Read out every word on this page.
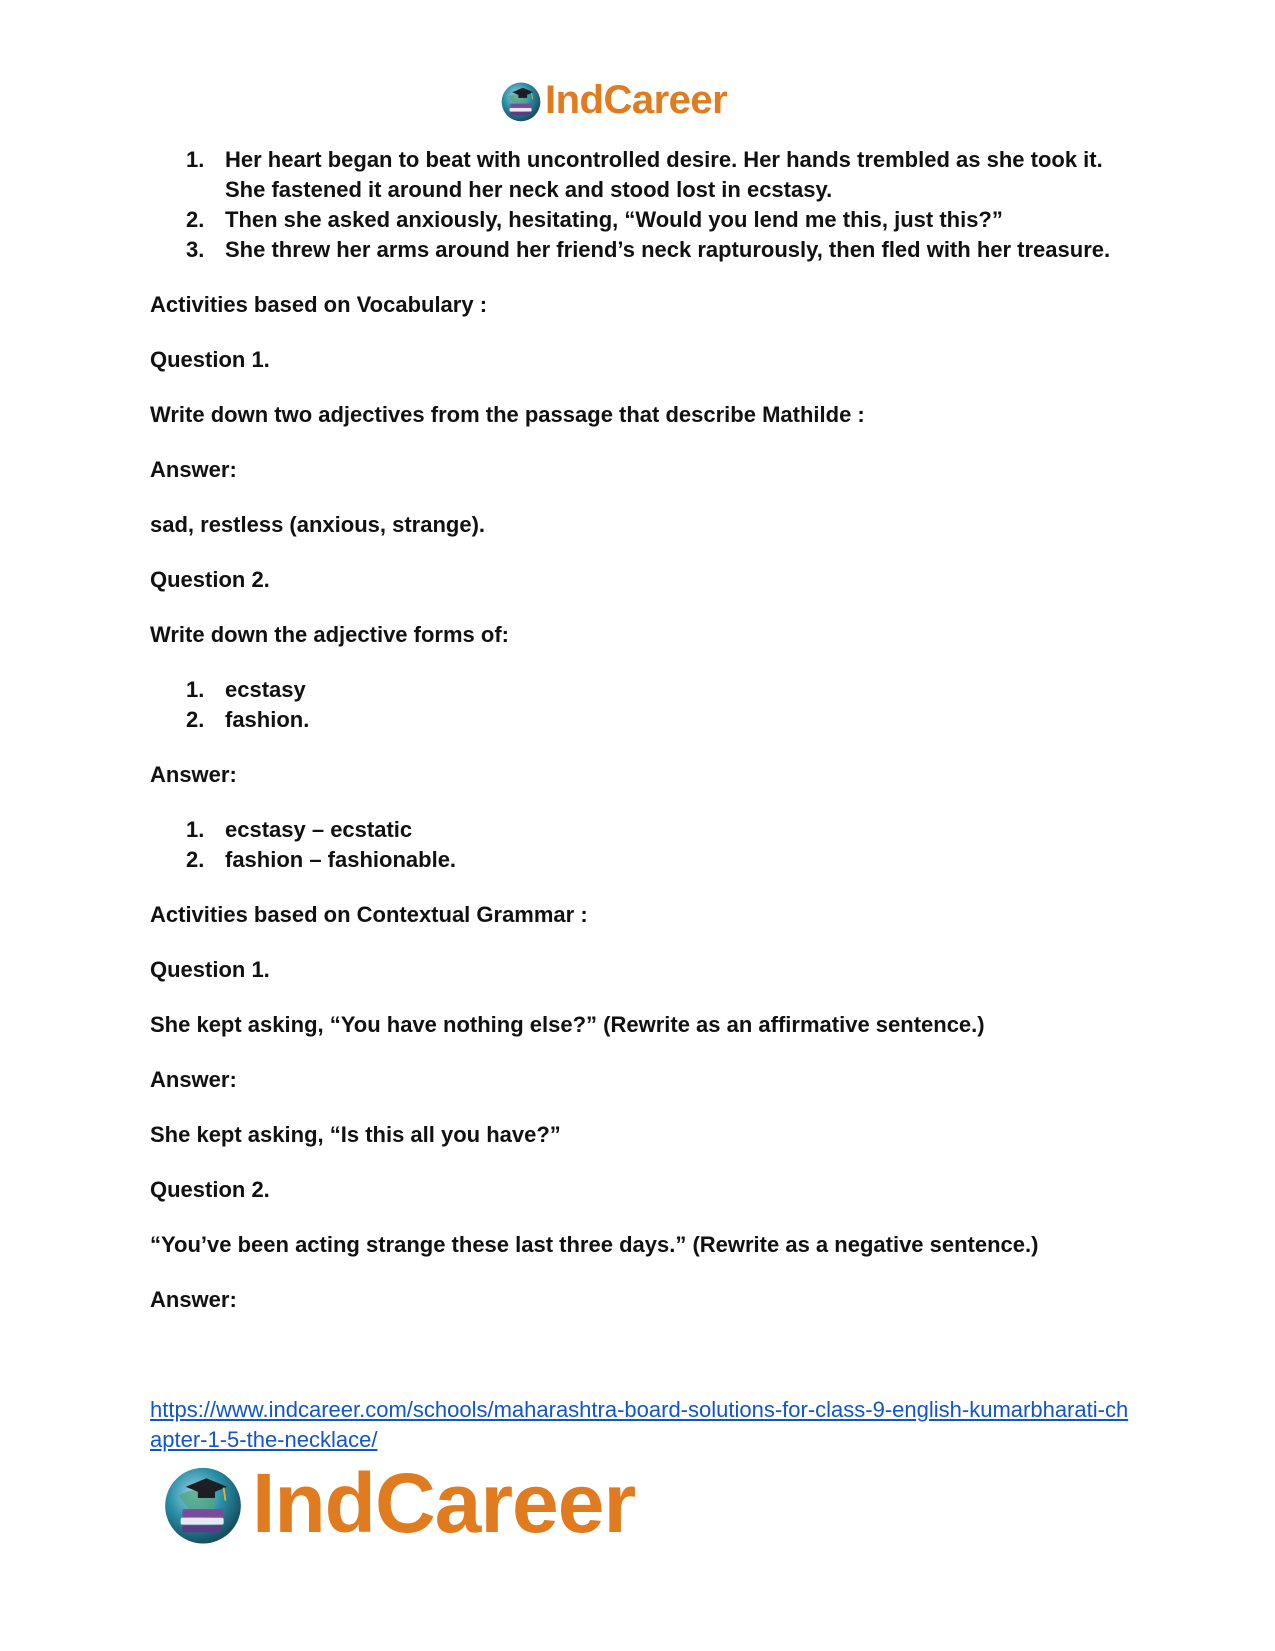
IndCareer
1. Her heart began to beat with uncontrolled desire. Her hands trembled as she took it. She fastened it around her neck and stood lost in ecstasy.
2. Then she asked anxiously, hesitating, “Would you lend me this, just this?”
3. She threw her arms around her friend’s neck rapturously, then fled with her treasure.

Activities based on Vocabulary :

Question 1.

Write down two adjectives from the passage that describe Mathilde :

Answer:

sad, restless (anxious, strange).

Question 2.

Write down the adjective forms of:

1. ecstasy
2. fashion.

Answer:

1. ecstasy – ecstatic
2. fashion – fashionable.

Activities based on Contextual Grammar :

Question 1.

She kept asking, “You have nothing else?” (Rewrite as an affirmative sentence.)

Answer:

She kept asking, “Is this all you have?”

Question 2.

“You’ve been acting strange these last three days.” (Rewrite as a negative sentence.)

Answer:

https://www.indcareer.com/schools/maharashtra-board-solutions-for-class-9-english-kumarbharati-chapter-1-5-the-necklace/
IndCareer
